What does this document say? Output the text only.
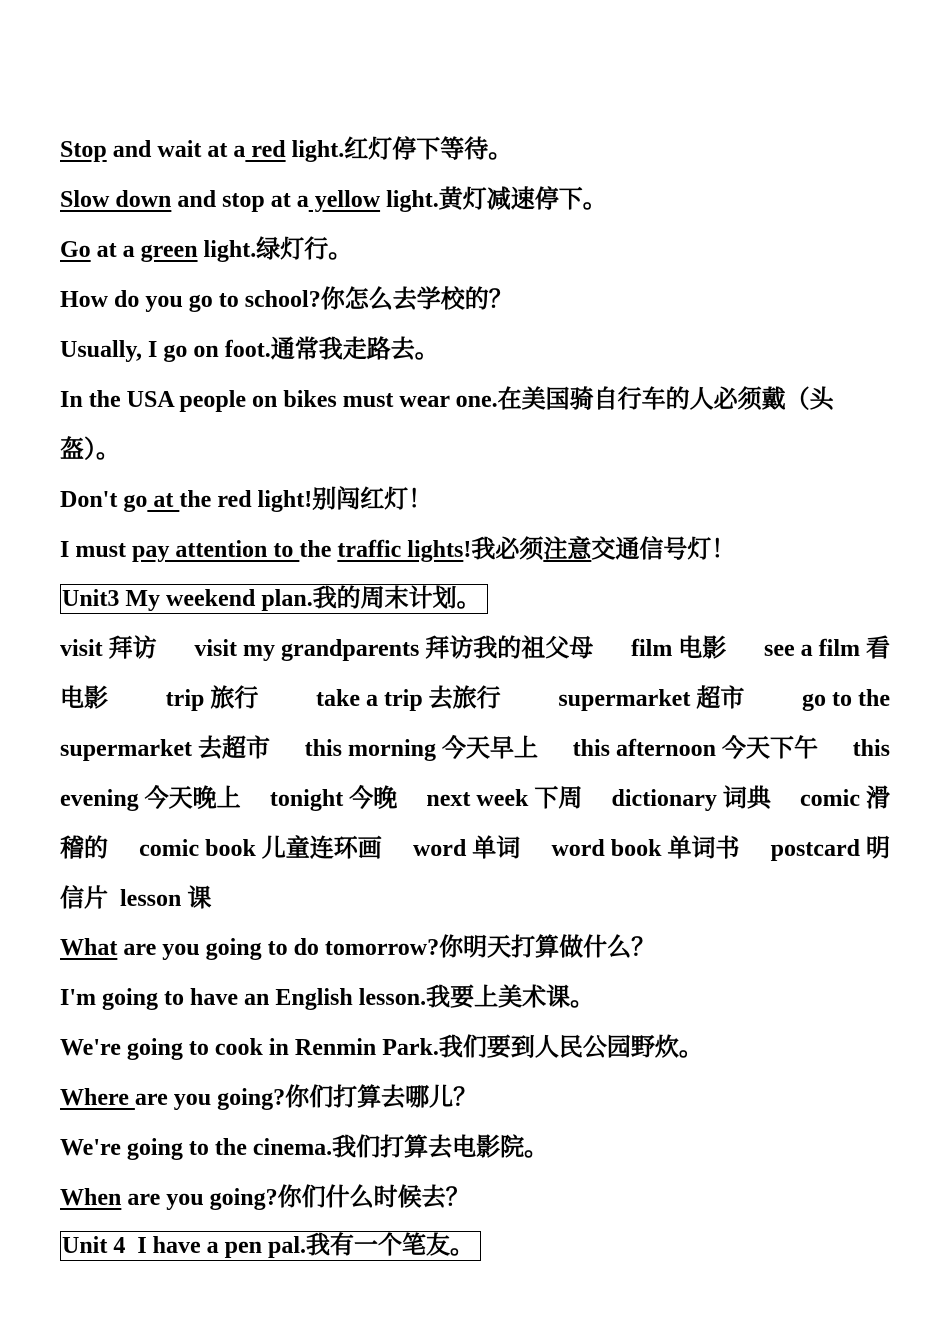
Stop and wait at a red light.红灯停下等待。
Slow down and stop at a yellow light.黄灯减速停下。
Go at a green light.绿灯行。
How do you go to school?你怎么去学校的？
Usually, I go on foot.通常我走路去。
In the USA people on bikes must wear one.在美国骑自行车的人必须戴（头
盔）。
Don't go at the red light!别闯红灯！
I must pay attention to the traffic lights!我必须注意交通信号灯！
Unit3 My weekend plan.我的周末计划。
visit 拜访 visit my grandparents 拜访我的祖父母 film 电影 see a film 看
电影 trip 旅行 take a trip 去旅行 supermarket 超市 go to the
supermarket 去超市 this morning 今天早上 this afternoon 今天下午 this
evening 今天晚上 tonight 今晚 next week 下周 dictionary 词典 comic 滑
稽的 comic book 儿童连环画 word 单词 word book 单词书 postcard 明
信片  lesson 课
What are you going to do tomorrow?你明天打算做什么？
I'm going to have an English lesson.我要上美术课。
We're going to cook in Renmin Park.我们要到人民公园野炊。
Where are you going?你们打算去哪儿？
We're going to the cinema.我们打算去电影院。
When are you going?你们什么时候去？
Unit 4  I have a pen pal.我有一个笔友。
